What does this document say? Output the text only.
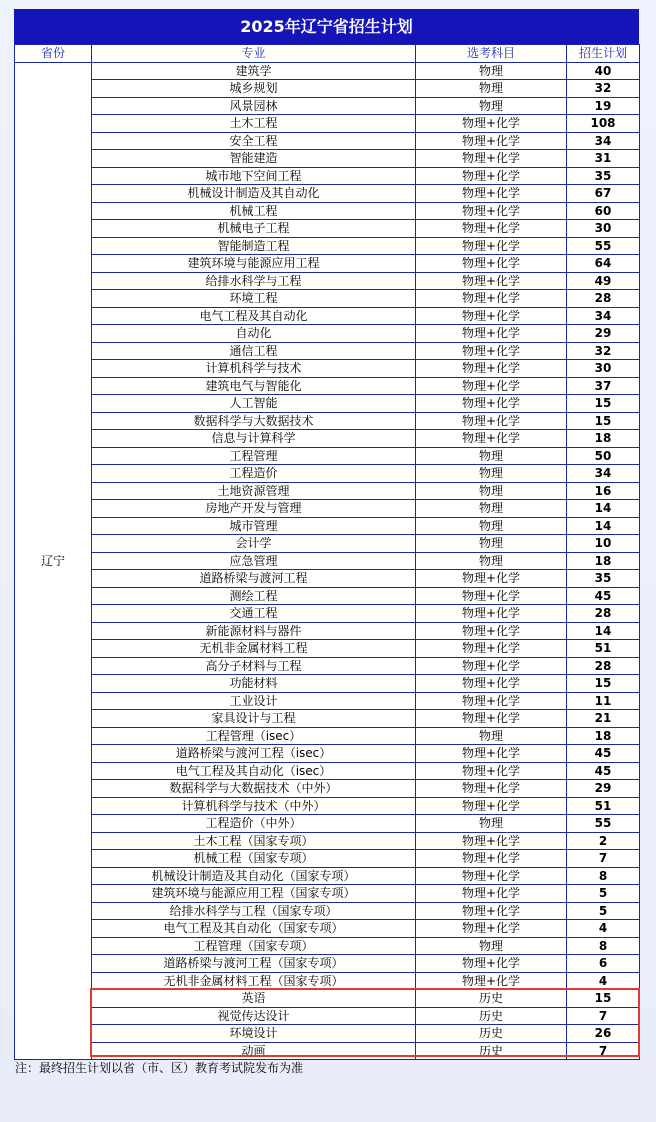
2025年辽宁省招生计划
省份	专业	选考科目	招生计划
辽宁	建筑学	物理	40
	城乡规划	物理	32
	风景园林	物理	19
	土木工程	物理+化学	108
	安全工程	物理+化学	34
	智能建造	物理+化学	31
	城市地下空间工程	物理+化学	35
	机械设计制造及其自动化	物理+化学	67
	机械工程	物理+化学	60
	机械电子工程	物理+化学	30
	智能制造工程	物理+化学	55
	建筑环境与能源应用工程	物理+化学	64
	给排水科学与工程	物理+化学	49
	环境工程	物理+化学	28
	电气工程及其自动化	物理+化学	34
	自动化	物理+化学	29
	通信工程	物理+化学	32
	计算机科学与技术	物理+化学	30
	建筑电气与智能化	物理+化学	37
	人工智能	物理+化学	15
	数据科学与大数据技术	物理+化学	15
	信息与计算科学	物理+化学	18
	工程管理	物理	50
	工程造价	物理	34
	土地资源管理	物理	16
	房地产开发与管理	物理	14
	城市管理	物理	14
	会计学	物理	10
	应急管理	物理	18
	道路桥梁与渡河工程	物理+化学	35
	测绘工程	物理+化学	45
	交通工程	物理+化学	28
	新能源材料与器件	物理+化学	14
	无机非金属材料工程	物理+化学	51
	高分子材料与工程	物理+化学	28
	功能材料	物理+化学	15
	工业设计	物理+化学	11
	家具设计与工程	物理+化学	21
	工程管理（isec）	物理	18
	道路桥梁与渡河工程（isec）	物理+化学	45
	电气工程及其自动化（isec）	物理+化学	45
	数据科学与大数据技术（中外）	物理+化学	29
	计算机科学与技术（中外）	物理+化学	51
	工程造价（中外）	物理	55
	土木工程（国家专项）	物理+化学	2
	机械工程（国家专项）	物理+化学	7
	机械设计制造及其自动化（国家专项）	物理+化学	8
	建筑环境与能源应用工程（国家专项）	物理+化学	5
	给排水科学与工程（国家专项）	物理+化学	5
	电气工程及其自动化（国家专项）	物理+化学	4
	工程管理（国家专项）	物理	8
	道路桥梁与渡河工程（国家专项）	物理+化学	6
	无机非金属材料工程（国家专项）	物理+化学	4
	英语	历史	15
	视觉传达设计	历史	7
	环境设计	历史	26
	动画	历史	7
注：最终招生计划以省（市、区）教育考试院发布为准
